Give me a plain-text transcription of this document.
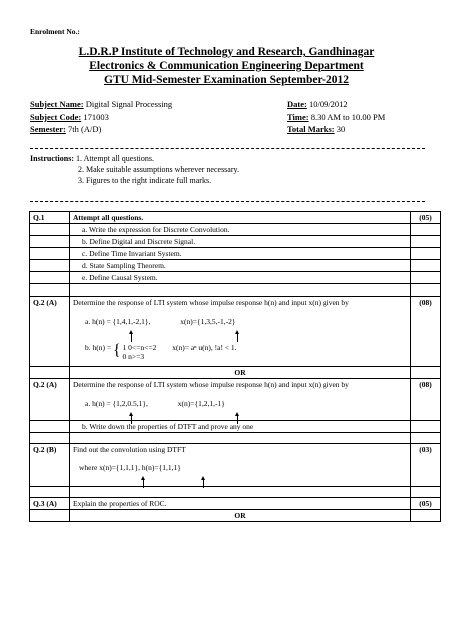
Enrolment No.:
L.D.R.P Institute of Technology and Research, Gandhinagar
Electronics & Communication Engineering Department
GTU Mid-Semester Examination September-2012
Subject Name: Digital Signal Processing	Date: 10/09/2012
Subject Code: 171003	Time: 8.30 AM to 10.00 PM
Semester: 7th (A/D)	Total Marks: 30
Instructions: 1. Attempt all questions.
2. Make suitable assumptions wherever necessary.
3. Figures to the right indicate full marks.
Q.1	Attempt all questions.	(05)
	a. Write the expression for Discrete Convolution.	
	b. Define Digital and Discrete Signal.	
	c. Define Time Invariant System.	
	d. State Sampling Theorem.	
	e. Define Causal System.	

Q.2 (A)	Determine the response of LTI system whose impulse response h(n) and input x(n) given by
a. h(n) = {1,4,1,-2,1}, x(n)={1,3,5,-1,-2}

b. h(n) = { 1 0<=n<=2
0 n>=3 x(n)= aⁿ u(n), !a! < 1.	(08)
	OR	
Q.2 (A)	Determine the response of LTI system whose impulse response h(n) and input x(n) given by
a. h(n) = {1,2,0.5,1}, x(n)={1,2,1,-1}	(08)
	b. Write down the properties of DTFT and prove any one	

Q.2 (B)	Find out the convolution using DTFT
where x(n)={1,1,1}, h(n)={1,1,1}	(03)

Q.3 (A)	Explain the properties of ROC.	(05)
	OR	
